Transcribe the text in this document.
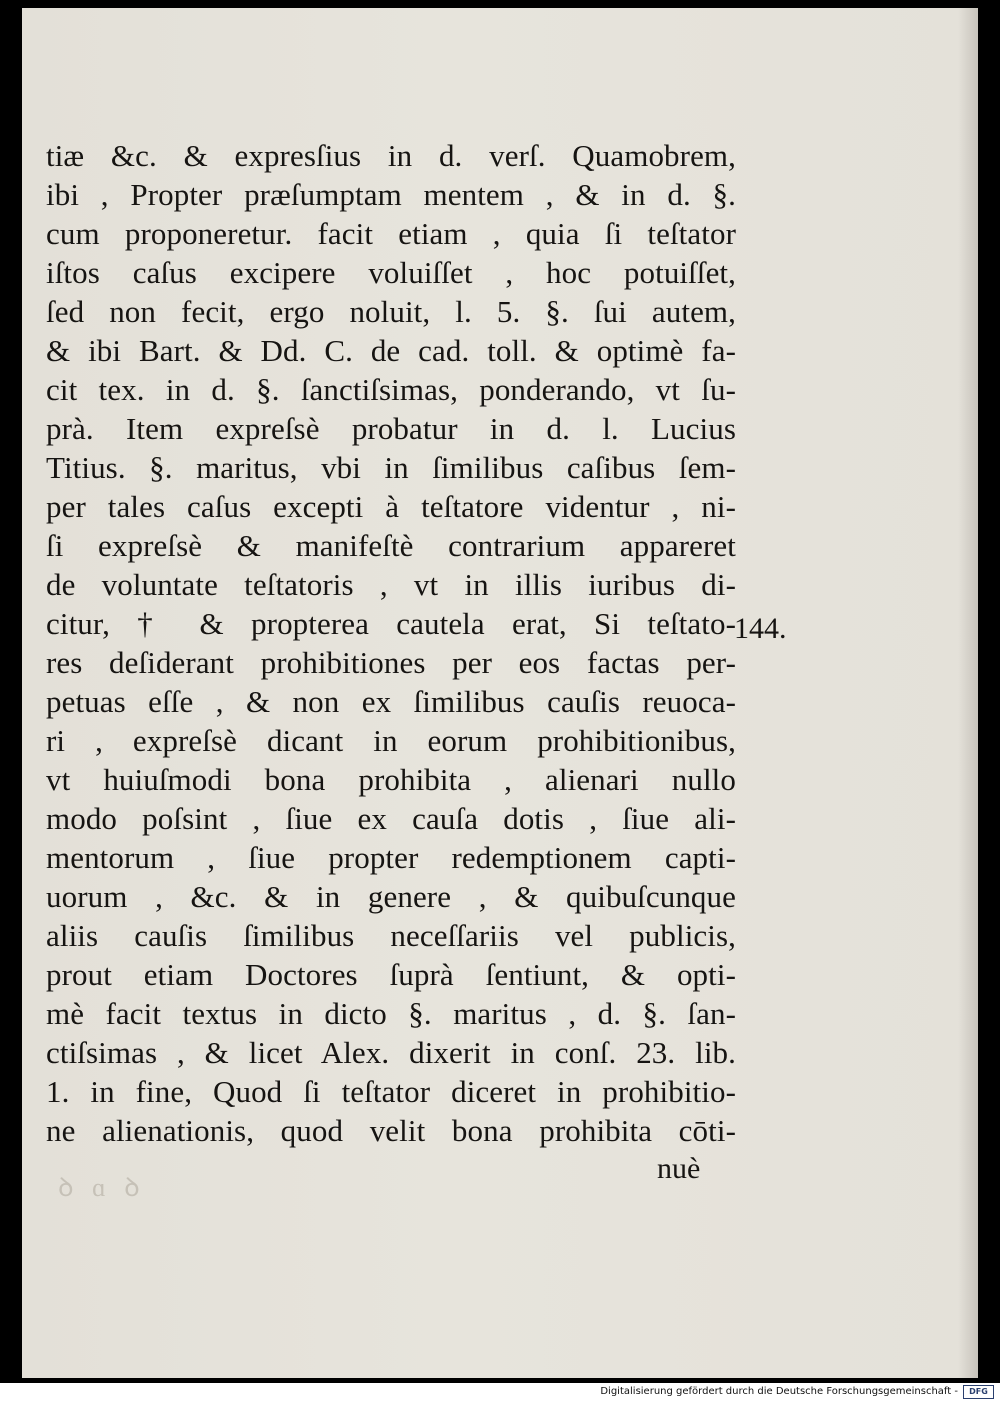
tiæ &c. & expresſius in d. verſ. Quamobrem,
ibi , Propter præſumptam mentem , & in d. §.
cum proponeretur. facit etiam , quia ſi teſtator
iſtos caſus excipere voluiſſet , hoc potuiſſet,
ſed non fecit, ergo noluit, l. 5. §. ſui autem,
& ibi Bart. & Dd. C. de cad. toll. & optimè fa-
cit tex. in d. §. ſanctiſsimas, ponderando, vt ſu-
prà. Item expreſsè probatur in d. l. Lucius
Titius. §. maritus, vbi in ſimilibus caſibus ſem-
per tales caſus excepti à teſtatore videntur , ni-
ſi expreſsè & manifeſtè contrarium appareret
de voluntate teſtatoris , vt in illis iuribus di-
citur, † & propterea cautela erat, Si teſtato-
res deſiderant prohibitiones per eos factas per-
petuas eſſe , & non ex ſimilibus cauſis reuoca-
ri , expreſsè dicant in eorum prohibitionibus,
vt huiuſmodi bona prohibita , alienari nullo
modo poſsint , ſiue ex cauſa dotis , ſiue ali-
mentorum , ſiue propter redemptionem capti-
uorum , &c. & in genere , & quibuſcunque
aliis cauſis ſimilibus neceſſariis vel publicis,
prout etiam Doctores ſuprà ſentiunt, & opti-
mè facit textus in dicto §. maritus , d. §. ſan-
ctiſsimas , & licet Alex. dixerit in conſ. 23. lib.
1. in fine, Quod ſi teſtator diceret in prohibitio-
ne alienationis, quod velit bona prohibita cōti-
144.
nuè
ꝺ ɑ ꝺ
Digitalisierung gefördert durch die Deutsche Forschungsgemeinschaft -	DFG
